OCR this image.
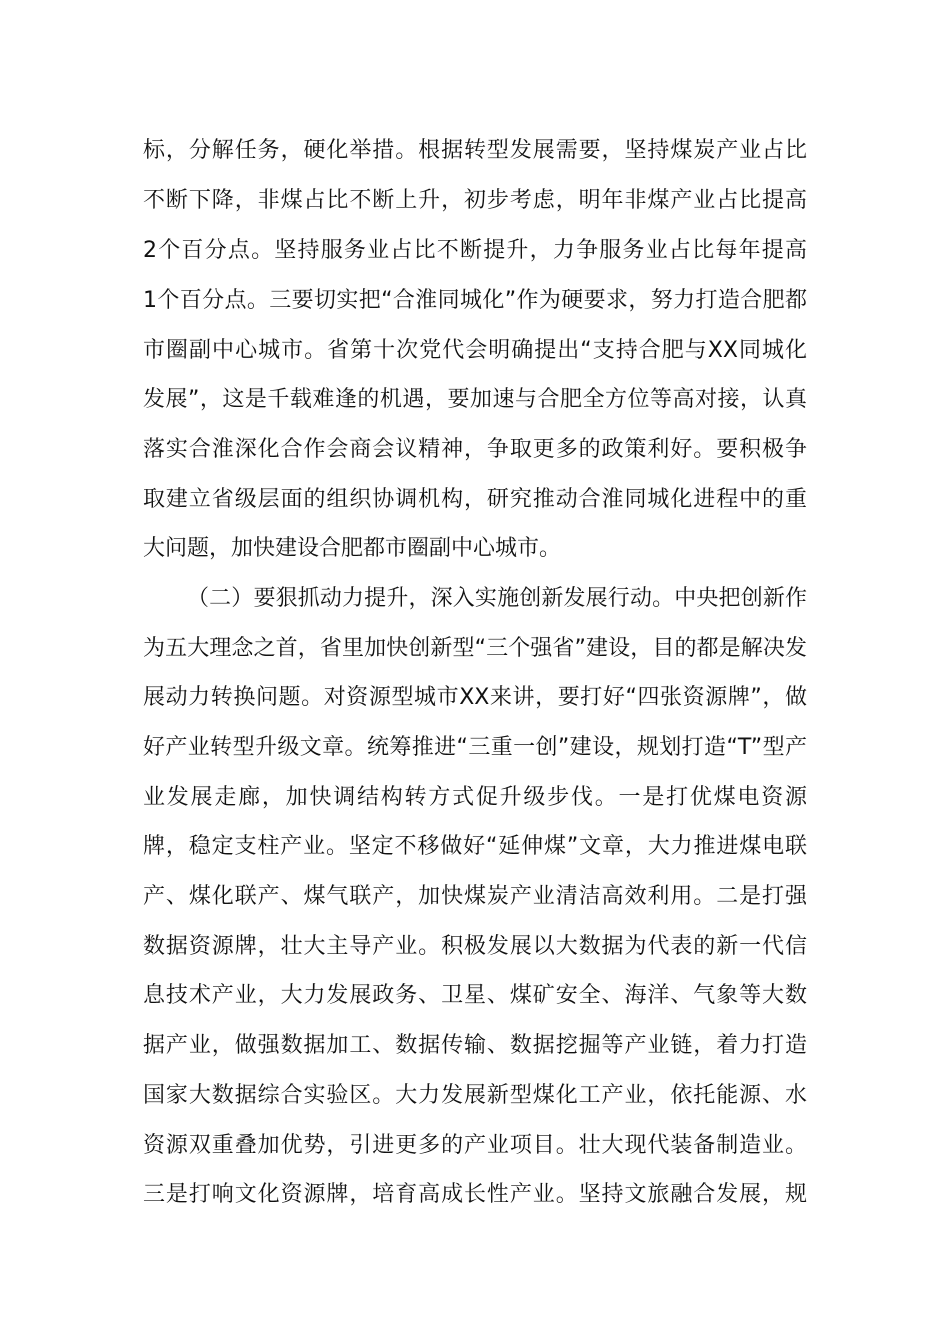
标，分解任务，硬化举措。根据转型发展需要，坚持煤炭产业占比
不断下降，非煤占比不断上升，初步考虑，明年非煤产业占比提高
2个百分点。坚持服务业占比不断提升，力争服务业占比每年提高
1个百分点。三要切实把“合淮同城化”作为硬要求，努力打造合肥都
市圈副中心城市。省第十次党代会明确提出“支持合肥与XX同城化
发展”，这是千载难逢的机遇，要加速与合肥全方位等高对接，认真
落实合淮深化合作会商会议精神，争取更多的政策利好。要积极争
取建立省级层面的组织协调机构，研究推动合淮同城化进程中的重
大问题，加快建设合肥都市圈副中心城市。
（二）要狠抓动力提升，深入实施创新发展行动。中央把创新作
为五大理念之首，省里加快创新型“三个强省”建设，目的都是解决发
展动力转换问题。对资源型城市XX来讲，要打好“四张资源牌”，做
好产业转型升级文章。统筹推进“三重一创”建设，规划打造“T”型产
业发展走廊，加快调结构转方式促升级步伐。一是打优煤电资源
牌，稳定支柱产业。坚定不移做好“延伸煤”文章，大力推进煤电联
产、煤化联产、煤气联产，加快煤炭产业清洁高效利用。二是打强
数据资源牌，壮大主导产业。积极发展以大数据为代表的新一代信
息技术产业，大力发展政务、卫星、煤矿安全、海洋、气象等大数
据产业，做强数据加工、数据传输、数据挖掘等产业链，着力打造
国家大数据综合实验区。大力发展新型煤化工产业，依托能源、水
资源双重叠加优势，引进更多的产业项目。壮大现代装备制造业。
三是打响文化资源牌，培育高成长性产业。坚持文旅融合发展，规
